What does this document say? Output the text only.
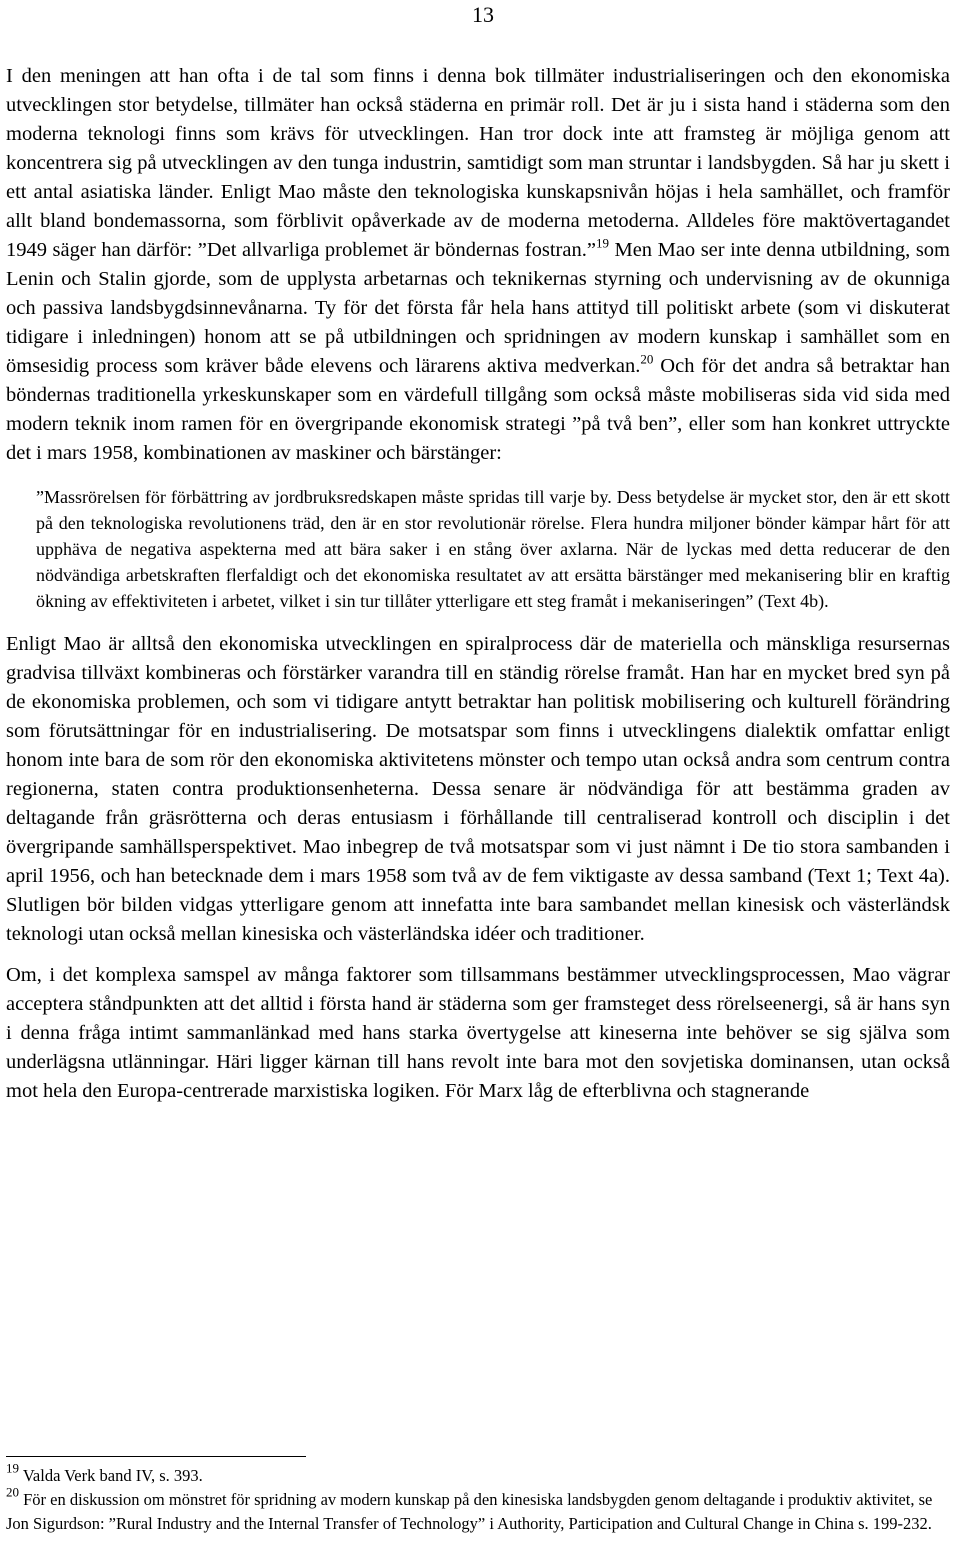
13

I den meningen att han ofta i de tal som finns i denna bok tillmäter industrialiseringen och den ekonomiska utvecklingen stor betydelse, tillmäter han också städerna en primär roll. Det är ju i sista hand i städerna som den moderna teknologi finns som krävs för utvecklingen. Han tror dock inte att framsteg är möjliga genom att koncentrera sig på utvecklingen av den tunga industrin, samtidigt som man struntar i landsbygden. Så har ju skett i ett antal asiatiska länder. Enligt Mao måste den teknologiska kunskapsnivån höjas i hela samhället, och framför allt bland bondemassorna, som förblivit opåverkade av de moderna metoderna. Alldeles före maktövertagandet 1949 säger han därför: ”Det allvarliga problemet är böndernas fostran.”$^{19}$ Men Mao ser inte denna utbildning, som Lenin och Stalin gjorde, som de upplysta arbetarnas och teknikernas styrning och undervisning av de okunniga och passiva landsbygdsinnevånarna. Ty för det första får hela hans attityd till politiskt arbete (som vi diskuterat tidigare i inledningen) honom att se på utbildningen och spridningen av modern kunskap i samhället som en ömsesidig process som kräver både elevens och lärarens aktiva medverkan.$^{20}$ Och för det andra så betraktar han böndernas traditionella yrkeskunskaper som en värdefull tillgång som också måste mobiliseras sida vid sida med modern teknik inom ramen för en övergripande ekonomisk strategi ”på två ben”, eller som han konkret uttryckte det i mars 1958, kombinationen av maskiner och bärstänger:

”Massrörelsen för förbättring av jordbruksredskapen måste spridas till varje by. Dess betydelse är mycket stor, den är ett skott på den teknologiska revolutionens träd, den är en stor revolutionär rörelse. Flera hundra miljoner bönder kämpar hårt för att upphäva de negativa aspekterna med att bära saker i en stång över axlarna. När de lyckas med detta reducerar de den nödvändiga arbetskraften flerfaldigt och det ekonomiska resultatet av att ersätta bärstänger med mekanisering blir en kraftig ökning av effektiviteten i arbetet, vilket i sin tur tillåter ytterligare ett steg framåt i mekaniseringen” (Text 4b).

Enligt Mao är alltså den ekonomiska utvecklingen en spiralprocess där de materiella och mänskliga resursernas gradvisa tillväxt kombineras och förstärker varandra till en ständig rörelse framåt. Han har en mycket bred syn på de ekonomiska problemen, och som vi tidigare antytt betraktar han politisk mobilisering och kulturell förändring som förutsättningar för en industrialisering. De motsatspar som finns i utvecklingens dialektik omfattar enligt honom inte bara de som rör den ekonomiska aktivitetens mönster och tempo utan också andra som centrum contra regionerna, staten contra produktionsenheterna. Dessa senare är nödvändiga för att bestämma graden av deltagande från gräsrötterna och deras entusiasm i förhållande till centraliserad kontroll och disciplin i det övergripande samhällsperspektivet. Mao inbegrep de två motsatspar som vi just nämnt i De tio stora sambanden i april 1956, och han betecknade dem i mars 1958 som två av de fem viktigaste av dessa samband (Text 1; Text 4a). Slutligen bör bilden vidgas ytterligare genom att innefatta inte bara sambandet mellan kinesisk och västerländsk teknologi utan också mellan kinesiska och västerländska idéer och traditioner.

Om, i det komplexa samspel av många faktorer som tillsammans bestämmer utvecklingsprocessen, Mao vägrar acceptera ståndpunkten att det alltid i första hand är städerna som ger framsteget dess rörelseenergi, så är hans syn i denna fråga intimt sammanlänkad med hans starka övertygelse att kineserna inte behöver se sig själva som underlägsna utlänningar. Häri ligger kärnan till hans revolt inte bara mot den sovjetiska dominansen, utan också mot hela den Europa-centrerade marxistiska logiken. För Marx låg de efterblivna och stagnerande

$^{19}$ Valda Verk band IV, s. 393.

$^{20}$ För en diskussion om mönstret för spridning av modern kunskap på den kinesiska landsbygden genom deltagande i produktiv aktivitet, se Jon Sigurdson: ”Rural Industry and the Internal Transfer of Technology” i Authority, Participation and Cultural Change in China s. 199-232.
